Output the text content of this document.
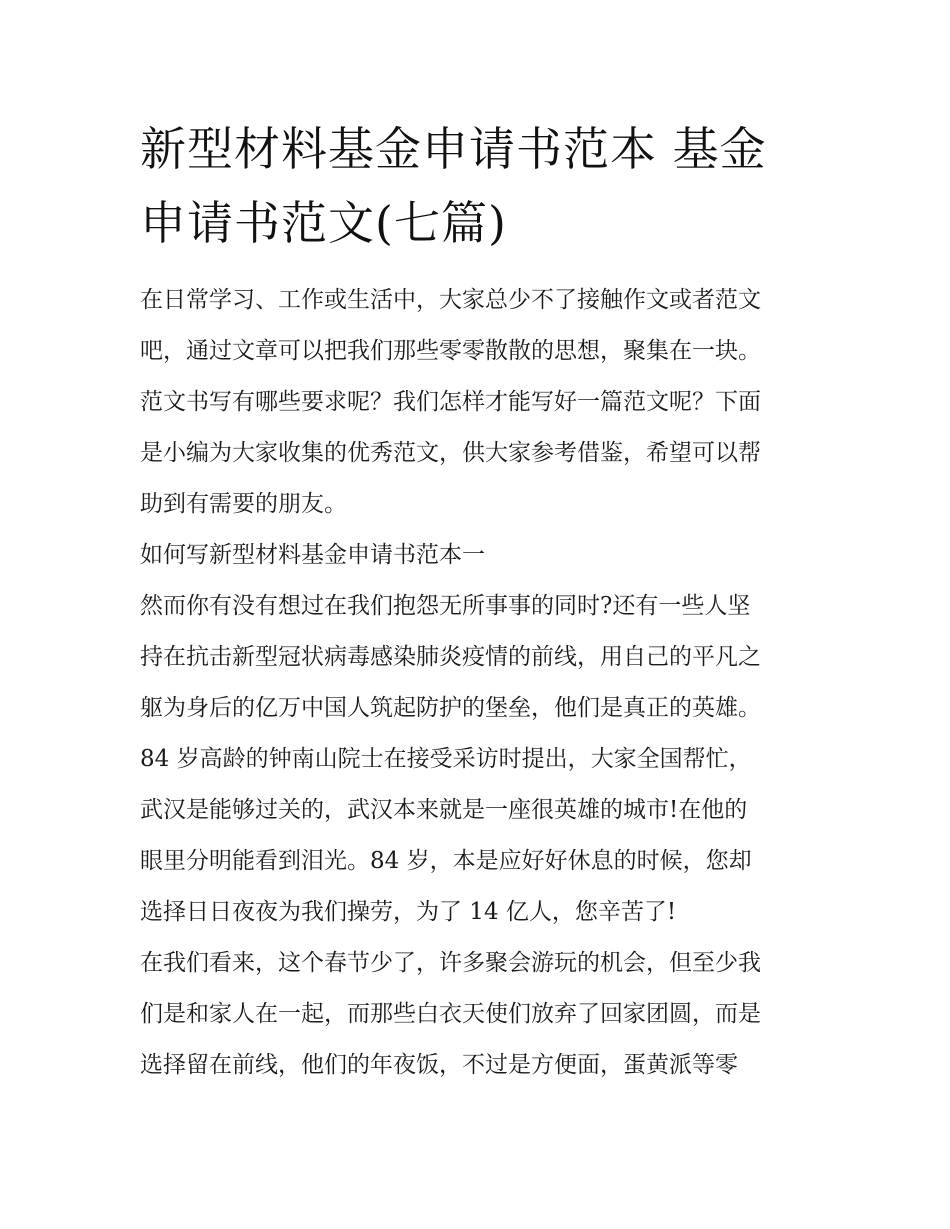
新型材料基金申请书范本 基金
申请书范文(七篇)
在日常学习、工作或生活中，大家总少不了接触作文或者范文
吧，通过文章可以把我们那些零零散散的思想，聚集在一块。
范文书写有哪些要求呢？我们怎样才能写好一篇范文呢？下面
是小编为大家收集的优秀范文，供大家参考借鉴，希望可以帮
助到有需要的朋友。
如何写新型材料基金申请书范本一
然而你有没有想过在我们抱怨无所事事的同时?还有一些人坚
持在抗击新型冠状病毒感染肺炎疫情的前线，用自己的平凡之
躯为身后的亿万中国人筑起防护的堡垒，他们是真正的英雄。
84 岁高龄的钟南山院士在接受采访时提出，大家全国帮忙，
武汉是能够过关的，武汉本来就是一座很英雄的城市!在他的
眼里分明能看到泪光。84 岁，本是应好好休息的时候，您却
选择日日夜夜为我们操劳，为了 14 亿人，您辛苦了!
在我们看来，这个春节少了，许多聚会游玩的机会，但至少我
们是和家人在一起，而那些白衣天使们放弃了回家团圆，而是
选择留在前线，他们的年夜饭，不过是方便面，蛋黄派等零
